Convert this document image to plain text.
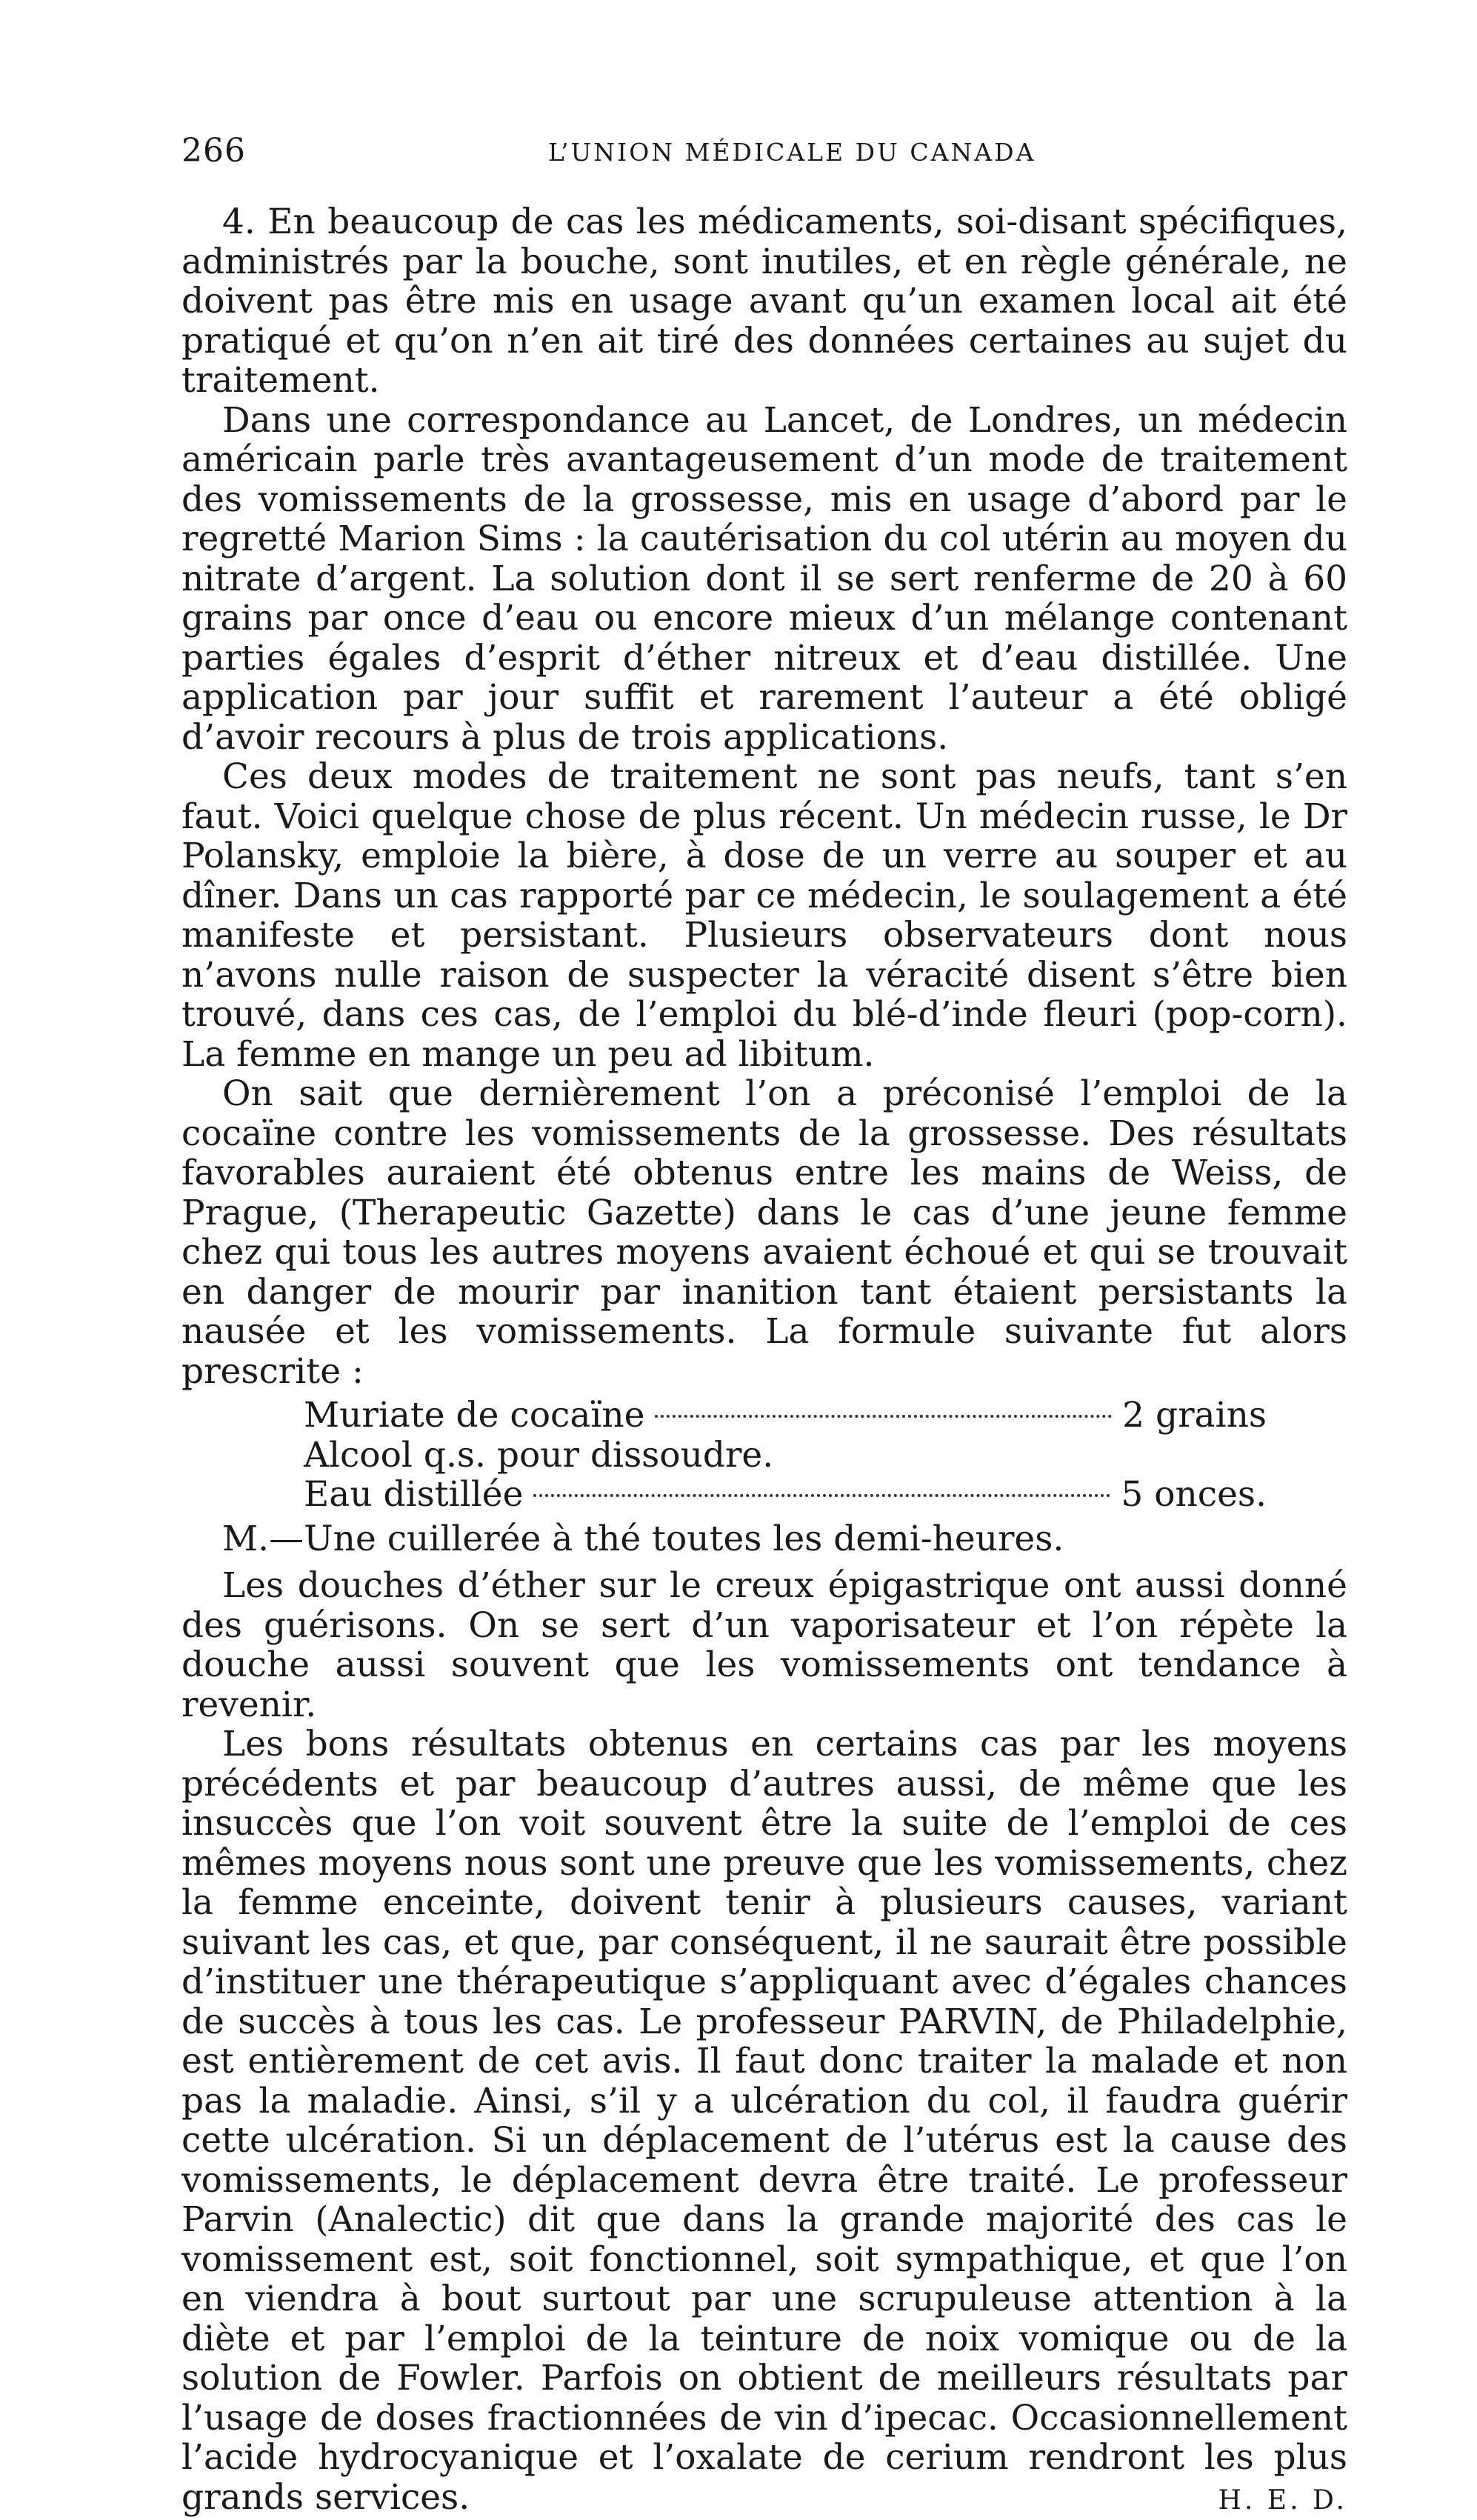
266	L’UNION MÉDICALE DU CANADA

4. En beaucoup de cas les médicaments, soi-disant spécifiques, administrés par la bouche, sont inutiles, et en règle générale, ne doivent pas être mis en usage avant qu’un examen local ait été pratiqué et qu’on n’en ait tiré des données certaines au sujet du traitement.

Dans une correspondance au Lancet, de Londres, un médecin américain parle très avantageusement d’un mode de traitement des vomissements de la grossesse, mis en usage d’abord par le regretté Marion Sims : la cautérisation du col utérin au moyen du nitrate d’argent. La solution dont il se sert renferme de 20 à 60 grains par once d’eau ou encore mieux d’un mélange contenant parties égales d’esprit d’éther nitreux et d’eau distillée. Une application par jour suffit et rarement l’auteur a été obligé d’avoir recours à plus de trois applications.

Ces deux modes de traitement ne sont pas neufs, tant s’en faut. Voici quelque chose de plus récent. Un médecin russe, le Dr Polansky, emploie la bière, à dose de un verre au souper et au dîner. Dans un cas rapporté par ce médecin, le soulagement a été manifeste et persistant. Plusieurs observateurs dont nous n’avons nulle raison de suspecter la véracité disent s’être bien trouvé, dans ces cas, de l’emploi du blé-d’inde fleuri (pop-corn). La femme en mange un peu ad libitum.

On sait que dernièrement l’on a préconisé l’emploi de la cocaïne contre les vomissements de la grossesse. Des résultats favorables auraient été obtenus entre les mains de Weiss, de Prague, (Therapeutic Gazette) dans le cas d’une jeune femme chez qui tous les autres moyens avaient échoué et qui se trouvait en danger de mourir par inanition tant étaient persistants la nausée et les vomissements. La formule suivante fut alors prescrite :

Muriate de cocaïne	2 grains
Alcool q.s. pour dissoudre.
Eau distillée	5 onces.

M.—Une cuillerée à thé toutes les demi-heures.

Les douches d’éther sur le creux épigastrique ont aussi donné des guérisons. On se sert d’un vaporisateur et l’on répète la douche aussi souvent que les vomissements ont tendance à revenir.

Les bons résultats obtenus en certains cas par les moyens précédents et par beaucoup d’autres aussi, de même que les insuccès que l’on voit souvent être la suite de l’emploi de ces mêmes moyens nous sont une preuve que les vomissements, chez la femme enceinte, doivent tenir à plusieurs causes, variant suivant les cas, et que, par conséquent, il ne saurait être possible d’instituer une thérapeutique s’appliquant avec d’égales chances de succès à tous les cas. Le professeur PARVIN, de Philadelphie, est entièrement de cet avis. Il faut donc traiter la malade et non pas la maladie. Ainsi, s’il y a ulcération du col, il faudra guérir cette ulcération. Si un déplacement de l’utérus est la cause des vomissements, le déplacement devra être traité. Le professeur Parvin (Analectic) dit que dans la grande majorité des cas le vomissement est, soit fonctionnel, soit sympathique, et que l’on en viendra à bout surtout par une scrupuleuse attention à la diète et par l’emploi de la teinture de noix vomique ou de la solution de Fowler. Parfois on obtient de meilleurs résultats par l’usage de doses fractionnées de vin d’ipecac. Occasionnellement l’acide hydrocyanique et l’oxalate de cerium rendront les plus grands services.	H. E. D.
